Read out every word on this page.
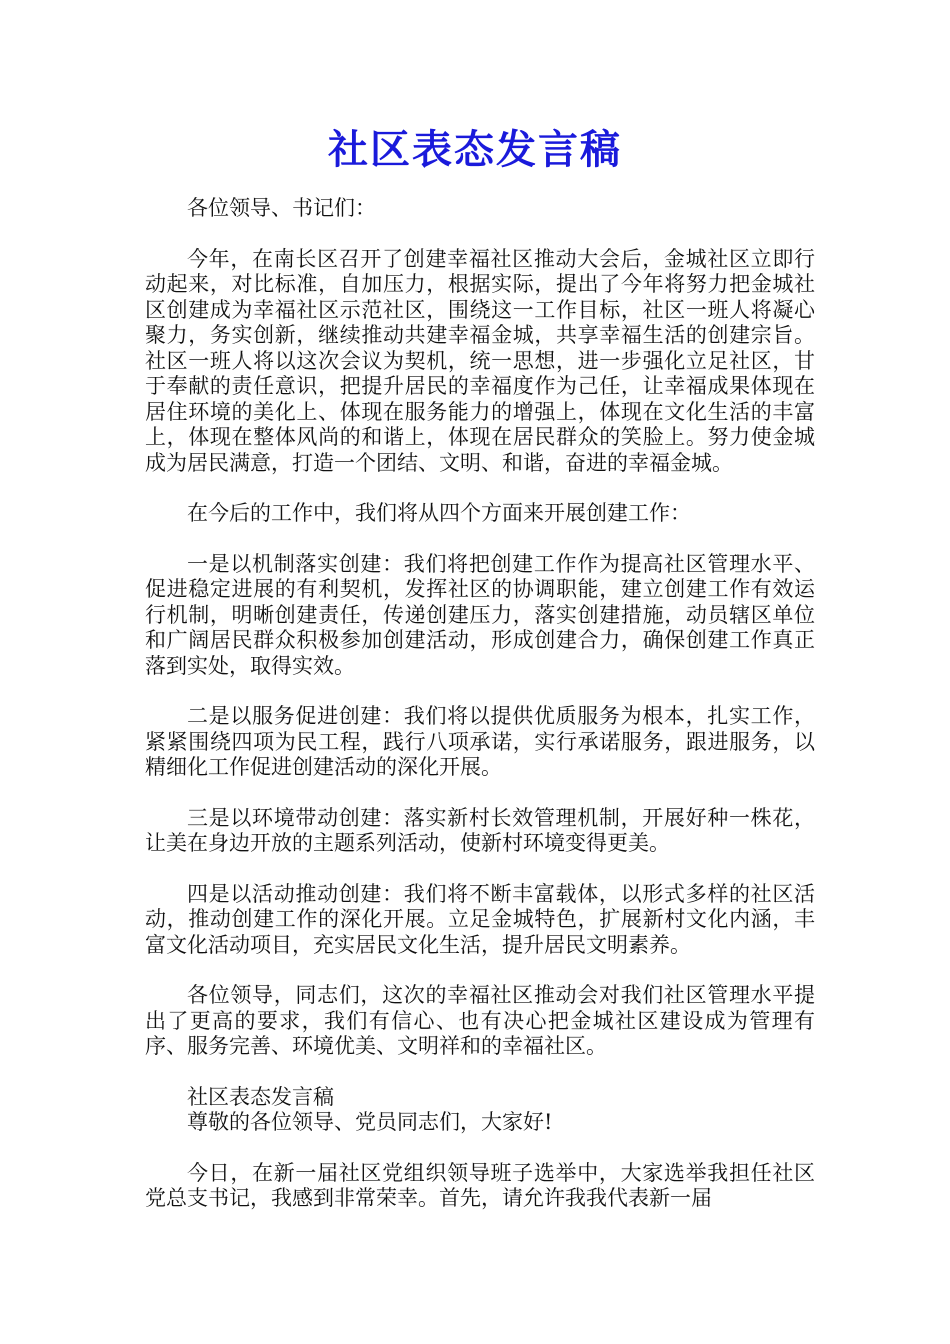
社区表态发言稿

各位领导、书记们：

今年，在南长区召开了创建幸福社区推动大会后，金城社区立即行动起来，对比标准，自加压力，根据实际，提出了今年将努力把金城社区创建成为幸福社区示范社区，围绕这一工作目标，社区一班人将凝心聚力，务实创新，继续推动共建幸福金城，共享幸福生活的创建宗旨。社区一班人将以这次会议为契机，统一思想，进一步强化立足社区，甘于奉献的责任意识，把提升居民的幸福度作为己任，让幸福成果体现在居住环境的美化上、体现在服务能力的增强上，体现在文化生活的丰富上，体现在整体风尚的和谐上，体现在居民群众的笑脸上。努力使金城成为居民满意，打造一个团结、文明、和谐，奋进的幸福金城。

在今后的工作中，我们将从四个方面来开展创建工作：

一是以机制落实创建：我们将把创建工作作为提高社区管理水平、促进稳定进展的有利契机，发挥社区的协调职能，建立创建工作有效运行机制，明晰创建责任，传递创建压力，落实创建措施，动员辖区单位和广阔居民群众积极参加创建活动，形成创建合力，确保创建工作真正落到实处，取得实效。

二是以服务促进创建：我们将以提供优质服务为根本，扎实工作，紧紧围绕四项为民工程，践行八项承诺，实行承诺服务，跟进服务，以精细化工作促进创建活动的深化开展。

三是以环境带动创建：落实新村长效管理机制，开展好种一株花，让美在身边开放的主题系列活动，使新村环境变得更美。

四是以活动推动创建：我们将不断丰富载体，以形式多样的社区活动，推动创建工作的深化开展。立足金城特色，扩展新村文化内涵，丰富文化活动项目，充实居民文化生活，提升居民文明素养。

各位领导，同志们，这次的幸福社区推动会对我们社区管理水平提出了更高的要求，我们有信心、也有决心把金城社区建设成为管理有序、服务完善、环境优美、文明祥和的幸福社区。

社区表态发言稿

尊敬的各位领导、党员同志们，大家好!

今日，在新一届社区党组织领导班子选举中，大家选举我担任社区党总支书记，我感到非常荣幸。首先，请允许我我代表新一届
